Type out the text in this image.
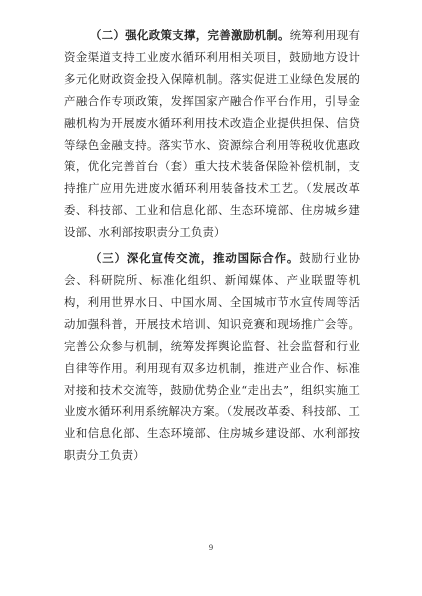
（二）强化政策支撑，完善激励机制。统筹利用现有资金渠道支持工业废水循环利用相关项目，鼓励地方设计多元化财政资金投入保障机制。落实促进工业绿色发展的产融合作专项政策，发挥国家产融合作平台作用，引导金融机构为开展废水循环利用技术改造企业提供担保、信贷等绿色金融支持。落实节水、资源综合利用等税收优惠政策，优化完善首台（套）重大技术装备保险补偿机制，支持推广应用先进废水循环利用装备技术工艺。（发展改革委、科技部、工业和信息化部、生态环境部、住房城乡建设部、水利部按职责分工负责）

（三）深化宣传交流，推动国际合作。鼓励行业协会、科研院所、标准化组织、新闻媒体、产业联盟等机构，利用世界水日、中国水周、全国城市节水宣传周等活动加强科普，开展技术培训、知识竞赛和现场推广会等。完善公众参与机制，统筹发挥舆论监督、社会监督和行业自律等作用。利用现有双多边机制，推进产业合作、标准对接和技术交流等，鼓励优势企业“走出去”，组织实施工业废水循环利用系统解决方案。（发展改革委、科技部、工业和信息化部、生态环境部、住房城乡建设部、水利部按职责分工负责）

9
